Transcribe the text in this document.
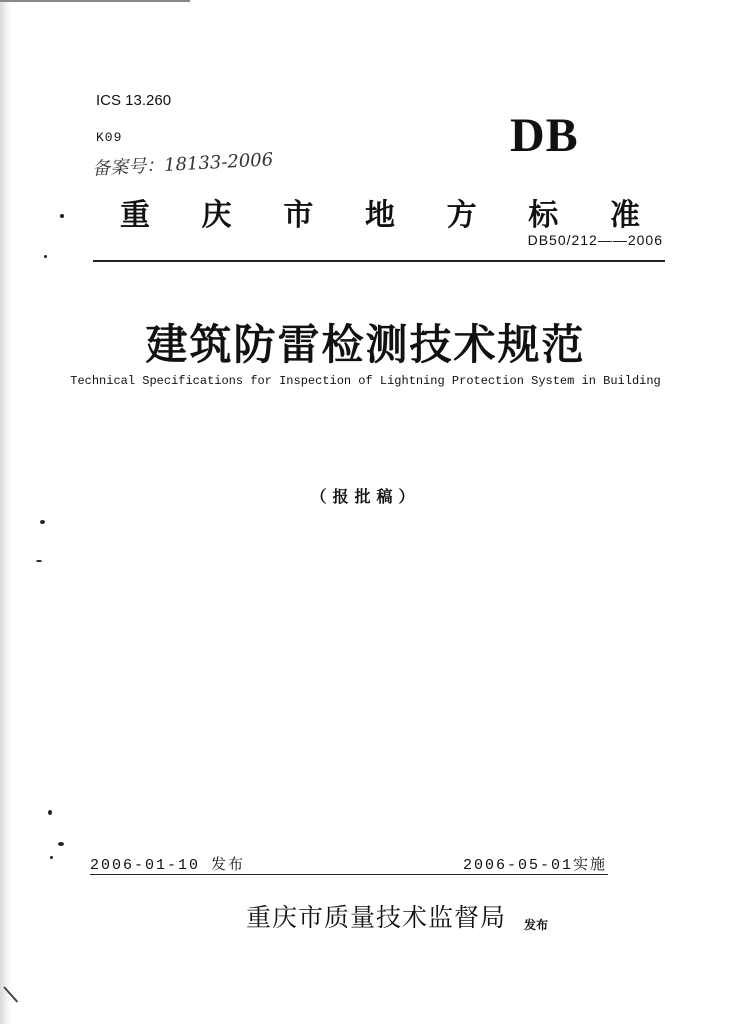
ICS 13.260
K09
备案号：18133-2006
DB
重 庆 市 地 方 标 准
DB50/212——2006
建筑防雷检测技术规范
Technical Specifications for Inspection of Lightning Protection System in Building
（报批稿）
2006-01-10 发布	2006-05-01实施
重庆市质量技术监督局 发布
